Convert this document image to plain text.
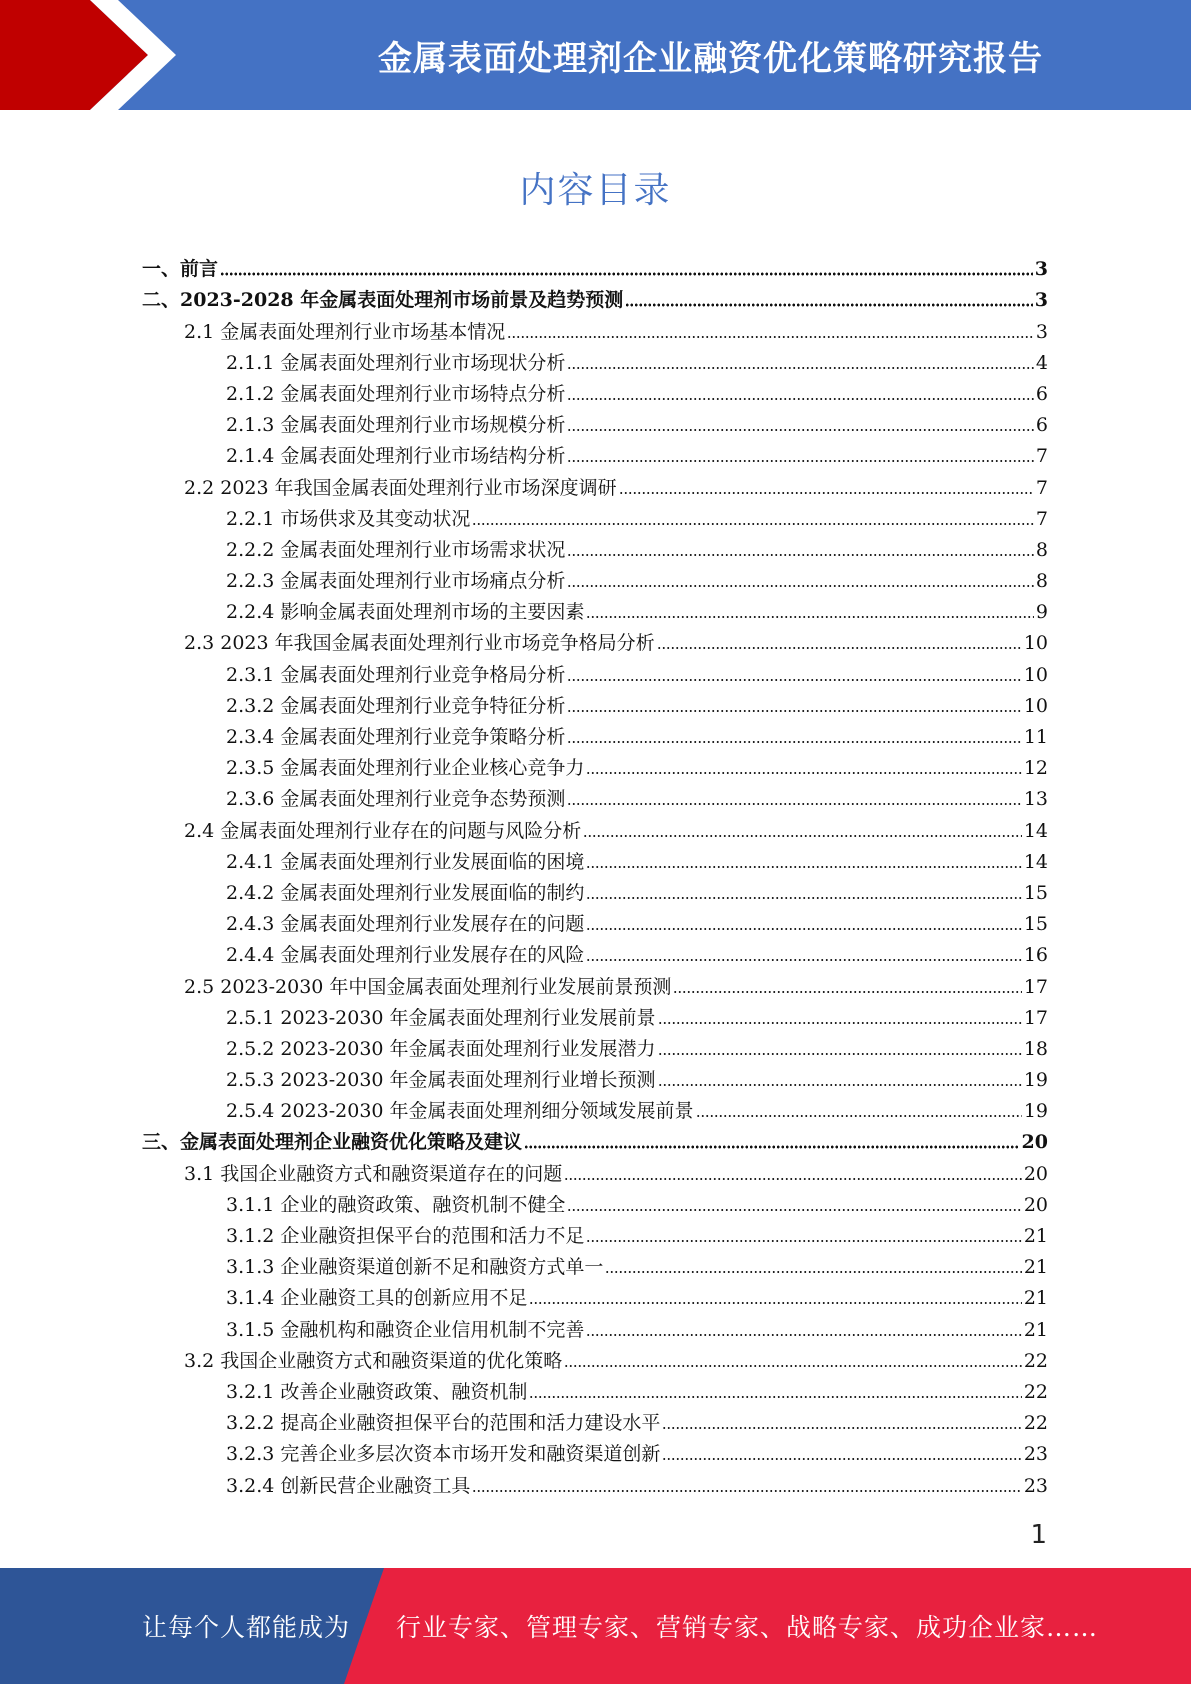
金属表面处理剂企业融资优化策略研究报告
内容目录
一、前言	3
二、2023-2028 年金属表面处理剂市场前景及趋势预测	3
2.1 金属表面处理剂行业市场基本情况	3
2.1.1 金属表面处理剂行业市场现状分析	4
2.1.2 金属表面处理剂行业市场特点分析	6
2.1.3 金属表面处理剂行业市场规模分析	6
2.1.4 金属表面处理剂行业市场结构分析	7
2.2 2023 年我国金属表面处理剂行业市场深度调研	7
2.2.1 市场供求及其变动状况	7
2.2.2 金属表面处理剂行业市场需求状况	8
2.2.3 金属表面处理剂行业市场痛点分析	8
2.2.4 影响金属表面处理剂市场的主要因素	9
2.3 2023 年我国金属表面处理剂行业市场竞争格局分析	10
2.3.1 金属表面处理剂行业竞争格局分析	10
2.3.2 金属表面处理剂行业竞争特征分析	10
2.3.4 金属表面处理剂行业竞争策略分析	11
2.3.5 金属表面处理剂行业企业核心竞争力	12
2.3.6 金属表面处理剂行业竞争态势预测	13
2.4 金属表面处理剂行业存在的问题与风险分析	14
2.4.1 金属表面处理剂行业发展面临的困境	14
2.4.2 金属表面处理剂行业发展面临的制约	15
2.4.3 金属表面处理剂行业发展存在的问题	15
2.4.4 金属表面处理剂行业发展存在的风险	16
2.5 2023-2030 年中国金属表面处理剂行业发展前景预测	17
2.5.1 2023-2030 年金属表面处理剂行业发展前景	17
2.5.2 2023-2030 年金属表面处理剂行业发展潜力	18
2.5.3 2023-2030 年金属表面处理剂行业增长预测	19
2.5.4 2023-2030 年金属表面处理剂细分领域发展前景	19
三、金属表面处理剂企业融资优化策略及建议	20
3.1 我国企业融资方式和融资渠道存在的问题	20
3.1.1 企业的融资政策、融资机制不健全	20
3.1.2 企业融资担保平台的范围和活力不足	21
3.1.3 企业融资渠道创新不足和融资方式单一	21
3.1.4 企业融资工具的创新应用不足	21
3.1.5 金融机构和融资企业信用机制不完善	21
3.2 我国企业融资方式和融资渠道的优化策略	22
3.2.1 改善企业融资政策、融资机制	22
3.2.2 提高企业融资担保平台的范围和活力建设水平	22
3.2.3 完善企业多层次资本市场开发和融资渠道创新	23
3.2.4 创新民营企业融资工具	23
1
让每个人都能成为 行业专家、管理专家、营销专家、战略专家、成功企业家……
